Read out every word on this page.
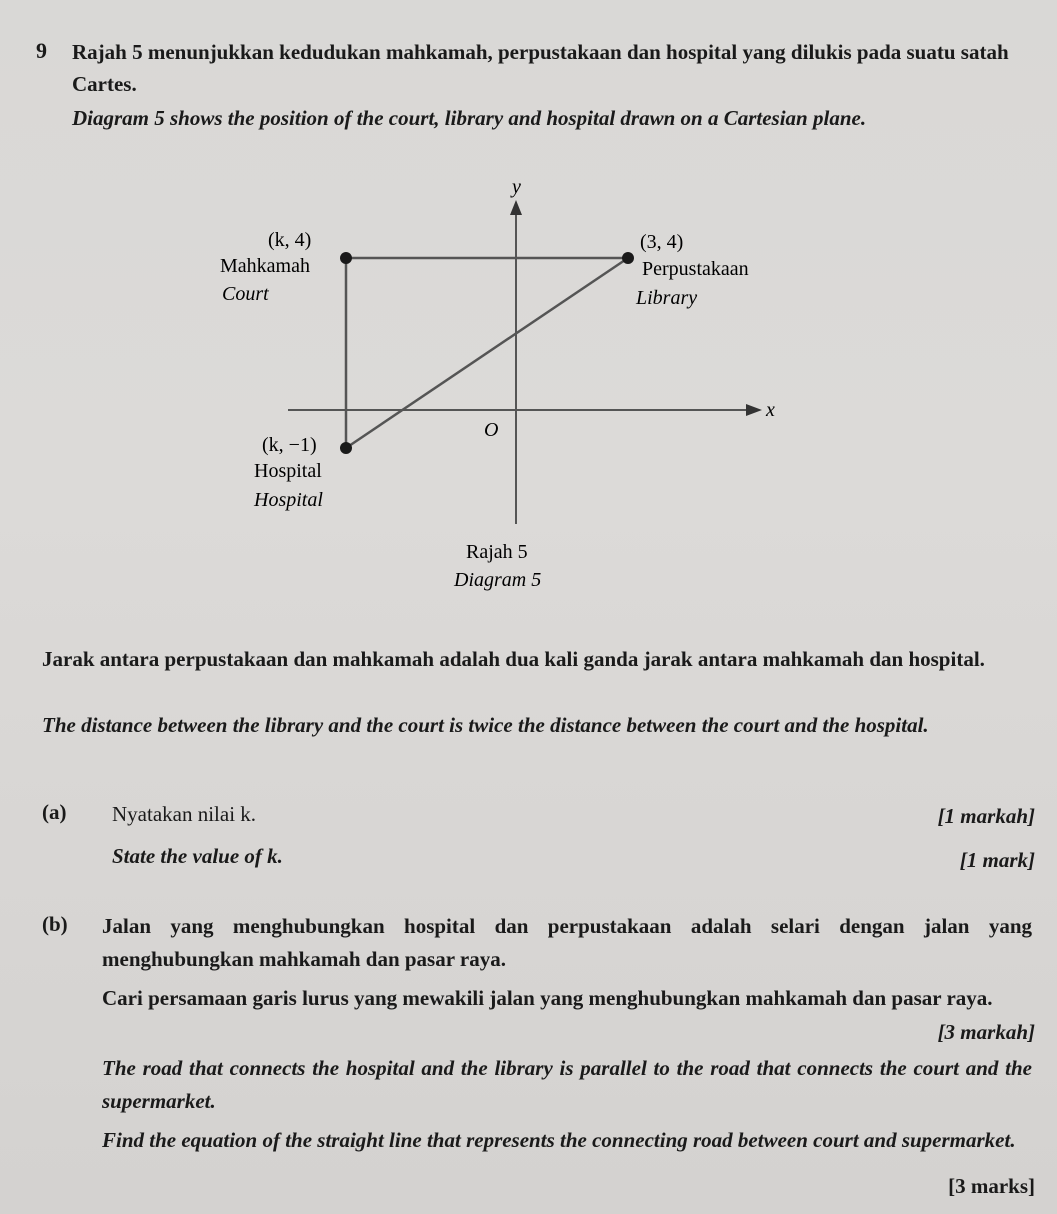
9 Rajah 5 menunjukkan kedudukan mahkamah, perpustakaan dan hospital yang dilukis pada suatu satah Cartes.
Diagram 5 shows the position of the court, library and hospital drawn on a Cartesian plane.
y
x
O
(k, 4)
Mahkamah
Court
(3, 4)
Perpustakaan
Library
(k, −1)
Hospital
Hospital
Rajah 5
Diagram 5
Jarak antara perpustakaan dan mahkamah adalah dua kali ganda jarak antara mahkamah dan hospital.
The distance between the library and the court is twice the distance between the court and the hospital.
(a) Nyatakan nilai k.	[1 markah]
State the value of k.	[1 mark]
(b) Jalan yang menghubungkan hospital dan perpustakaan adalah selari dengan jalan yang menghubungkan mahkamah dan pasar raya.
Cari persamaan garis lurus yang mewakili jalan yang menghubungkan mahkamah dan pasar raya.
[3 markah]
The road that connects the hospital and the library is parallel to the road that connects the court and the supermarket.
Find the equation of the straight line that represents the connecting road between court and supermarket.
[3 marks]
